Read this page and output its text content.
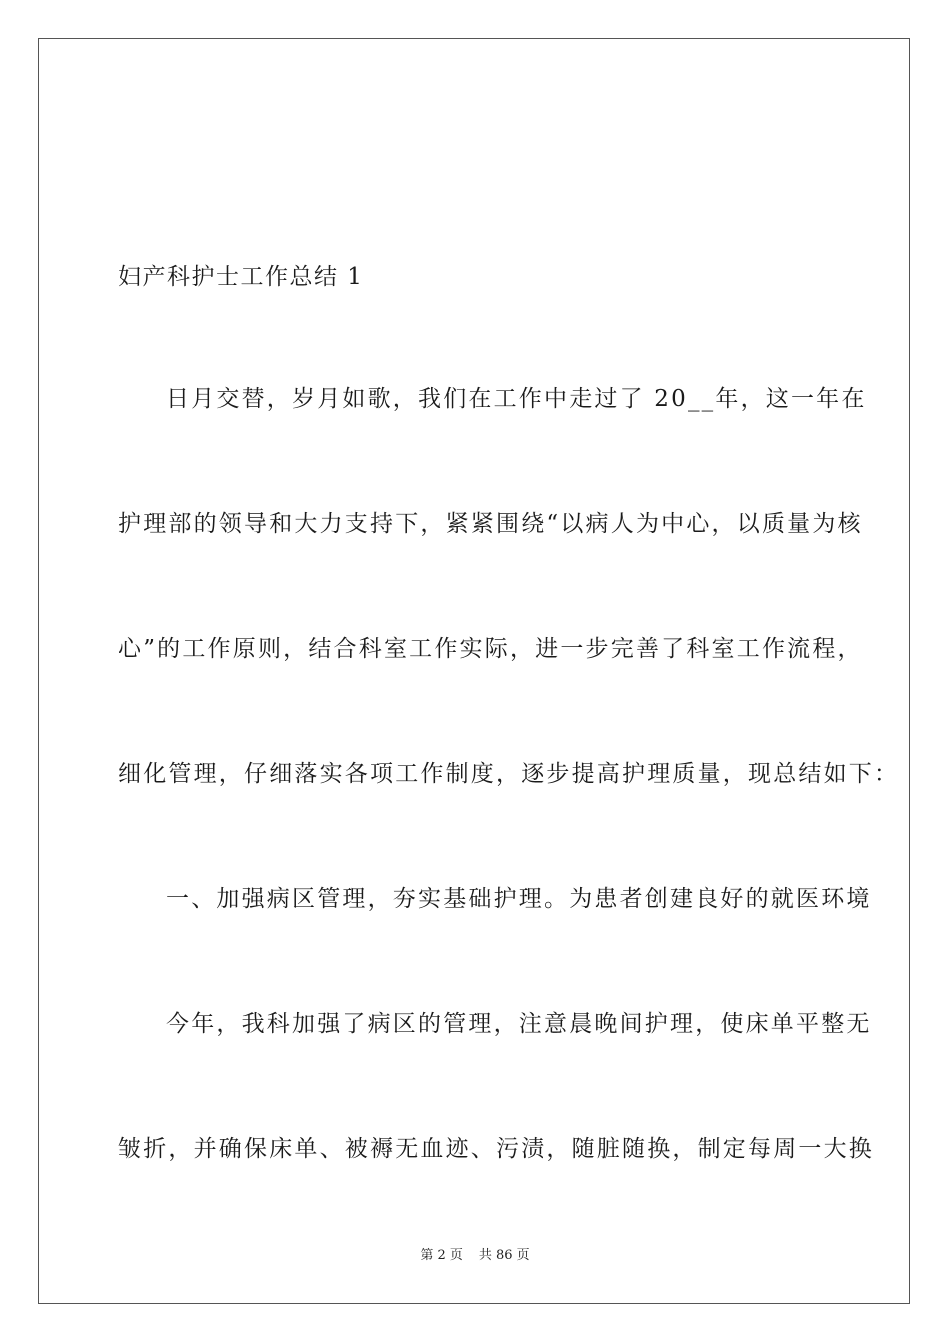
妇产科护士工作总结 1
日月交替，岁月如歌，我们在工作中走过了 20__年，这一年在
护理部的领导和大力支持下，紧紧围绕“以病人为中心，以质量为核
心”的工作原则，结合科室工作实际，进一步完善了科室工作流程，
细化管理，仔细落实各项工作制度，逐步提高护理质量，现总结如下：
一、加强病区管理，夯实基础护理。为患者创建良好的就医环境
今年，我科加强了病区的管理，注意晨晚间护理，使床单平整无
皱折，并确保床单、被褥无血迹、污渍，随脏随换，制定每周一大换
第 2 页 共 86 页
